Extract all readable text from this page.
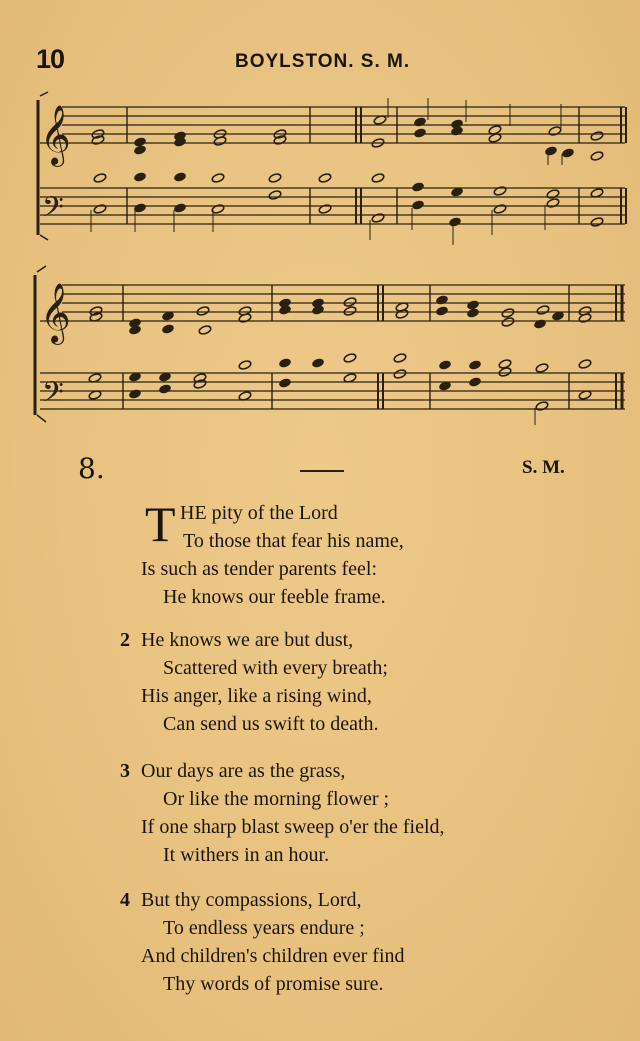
10	BOYLSTON. S. M.
𝄞
𝄢
𝄞
𝄢
8.	S. M.
T HE pity of the Lord
To those that fear his name,
Is such as tender parents feel:
He knows our feeble frame.
2 He knows we are but dust,
Scattered with every breath;
His anger, like a rising wind,
Can send us swift to death.
3 Our days are as the grass,
Or like the morning flower ;
If one sharp blast sweep o'er the field,
It withers in an hour.
4 But thy compassions, Lord,
To endless years endure ;
And children's children ever find
Thy words of promise sure.
